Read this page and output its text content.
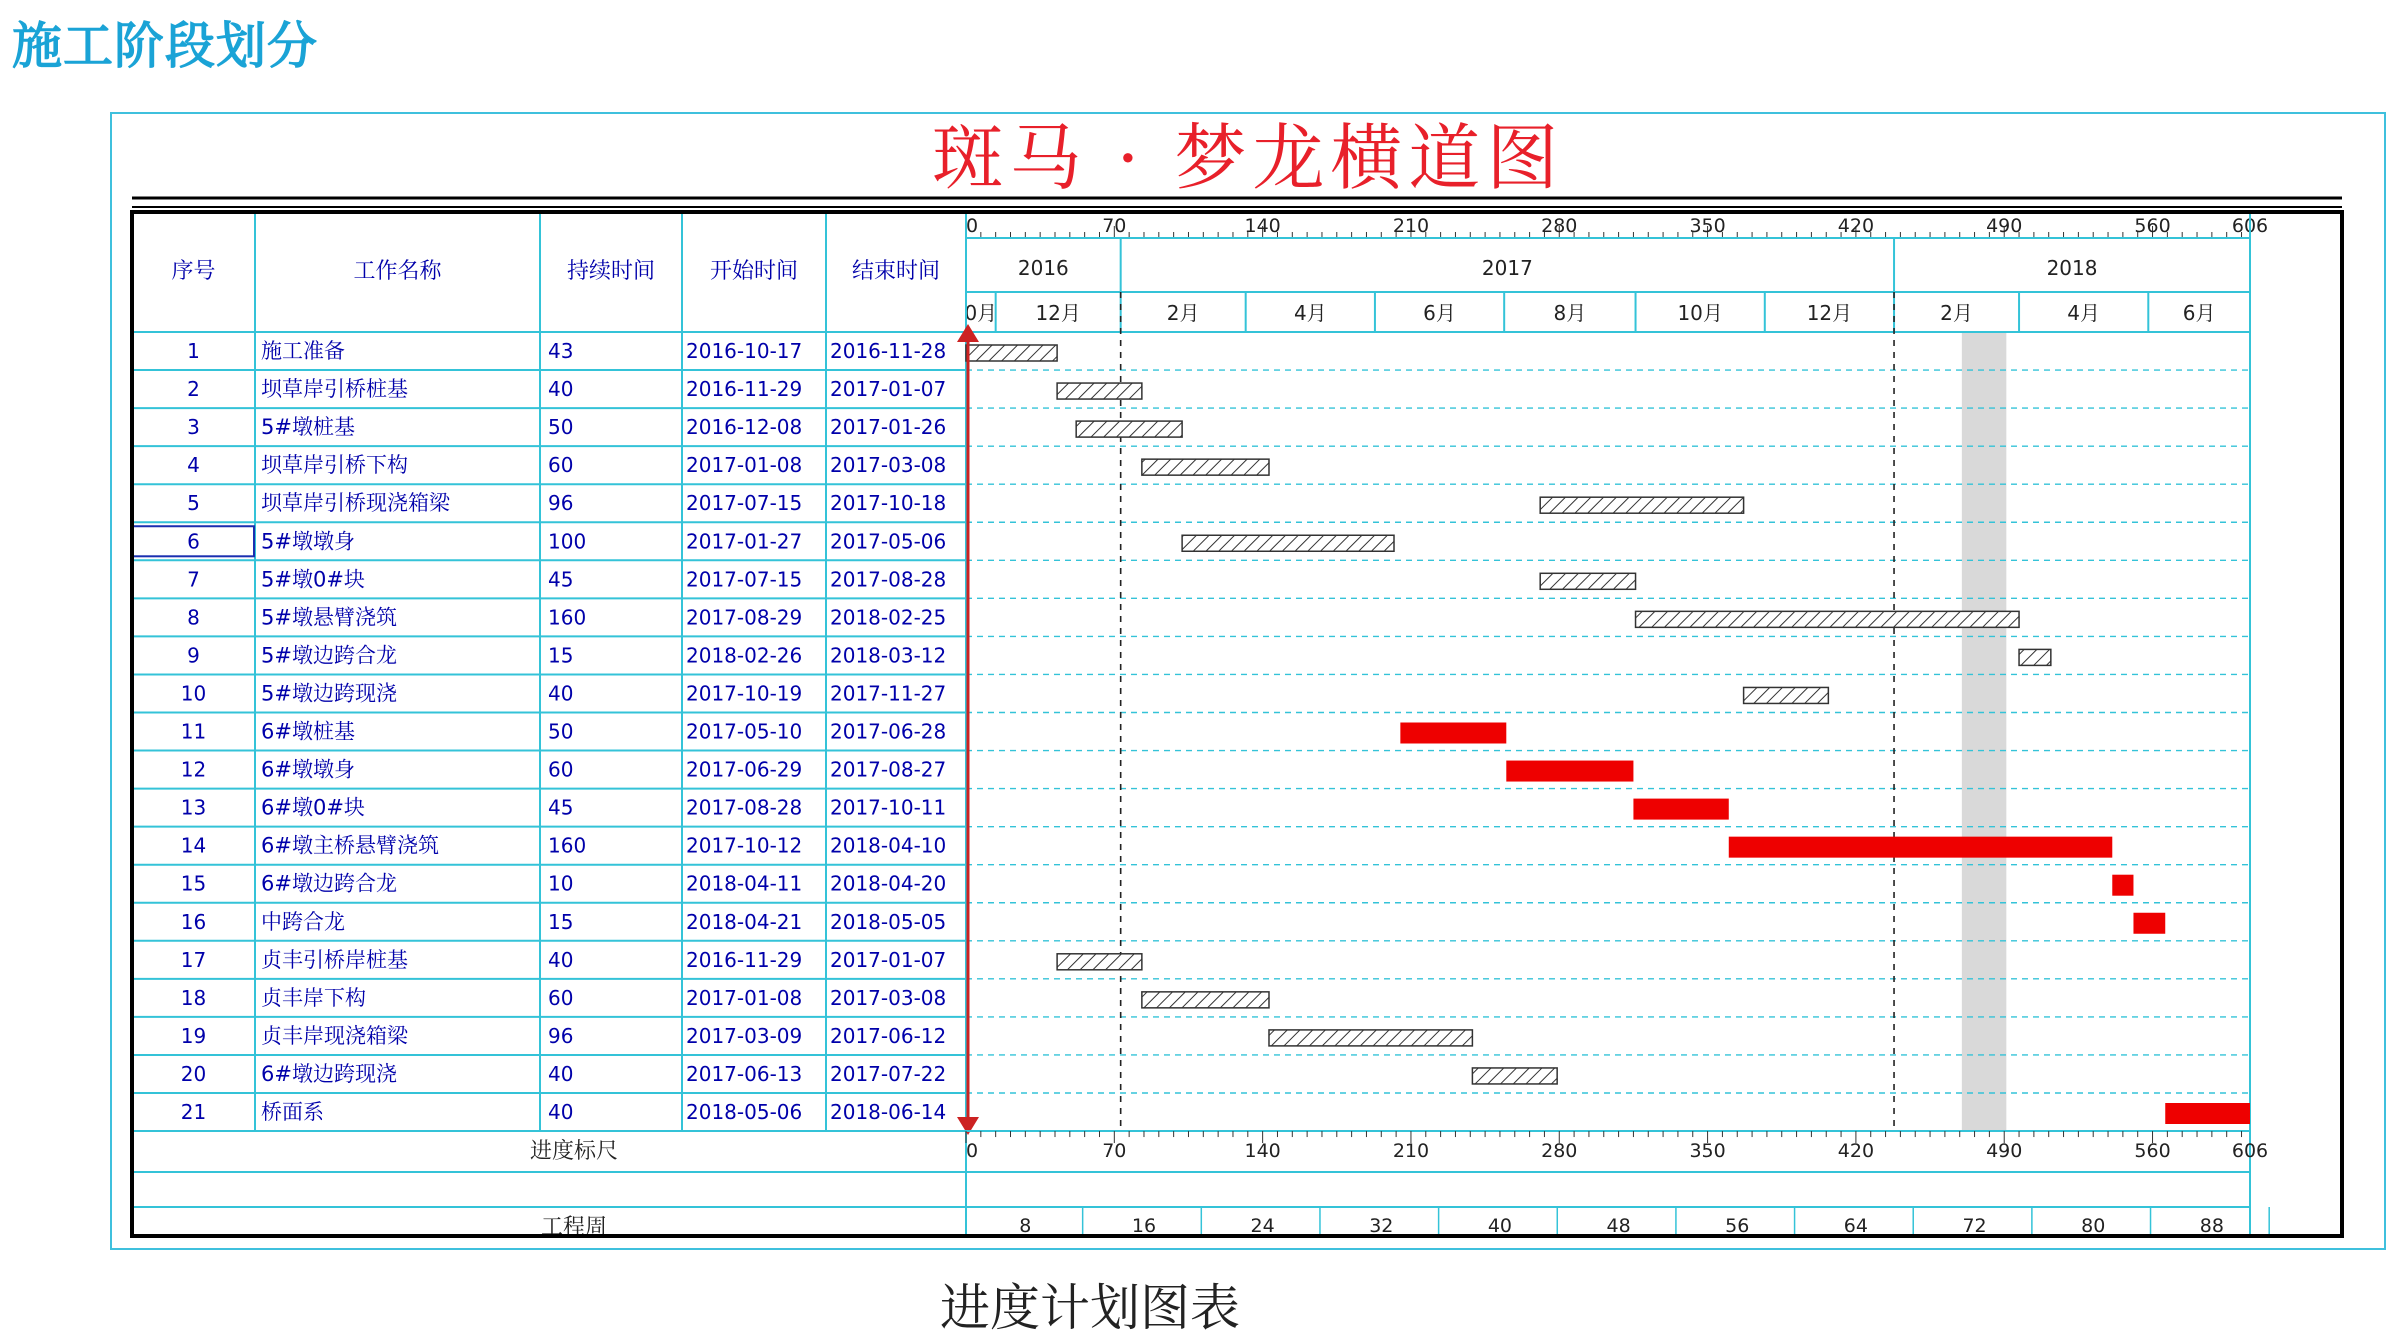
施工阶段划分
斑马 · 梦龙横道图
序号	工作名称	持续时间 开始时间 结束时间
0	70	140	210	280	350	420	490	560	606
2016	2017	2018
0月 12月	2月	4月	6月	8月	10月	12月	2月	4月	6月
1	施工准备	43	2016-10-17 2016-11-28
2	坝草岸引桥桩基	40	2016-11-29 2017-01-07
3	5#墩桩基	50	2016-12-08 2017-01-26
4	坝草岸引桥下构	60	2017-01-08 2017-03-08
5	坝草岸引桥现浇箱梁	96	2017-07-15 2017-10-18
6	5#墩墩身	100	2017-01-27 2017-05-06
7	5#墩0#块	45	2017-07-15 2017-08-28
8	5#墩悬臂浇筑	160	2017-08-29 2018-02-25
9	5#墩边跨合龙	15	2018-02-26 2018-03-12
10	5#墩边跨现浇	40	2017-10-19 2017-11-27
11	6#墩桩基	50	2017-05-10 2017-06-28
12	6#墩墩身	60	2017-06-29 2017-08-27
13	6#墩0#块	45	2017-08-28 2017-10-11
14	6#墩主桥悬臂浇筑	160	2017-10-12 2018-04-10
15	6#墩边跨合龙	10	2018-04-11 2018-04-20
16	中跨合龙	15	2018-04-21 2018-05-05
17	贞丰引桥岸桩基	40	2016-11-29 2017-01-07
18	贞丰岸下构	60	2017-01-08 2017-03-08
19	贞丰岸现浇箱梁	96	2017-03-09 2017-06-12
20	6#墩边跨现浇	40	2017-06-13 2017-07-22
21	桥面系	40	2018-05-06 2018-06-14
进度标尺	0	70	140	210	280	350	420	490	560	606
工程周	8	16	24	32	40	48	56	64	72	80	88
进度计划图表
